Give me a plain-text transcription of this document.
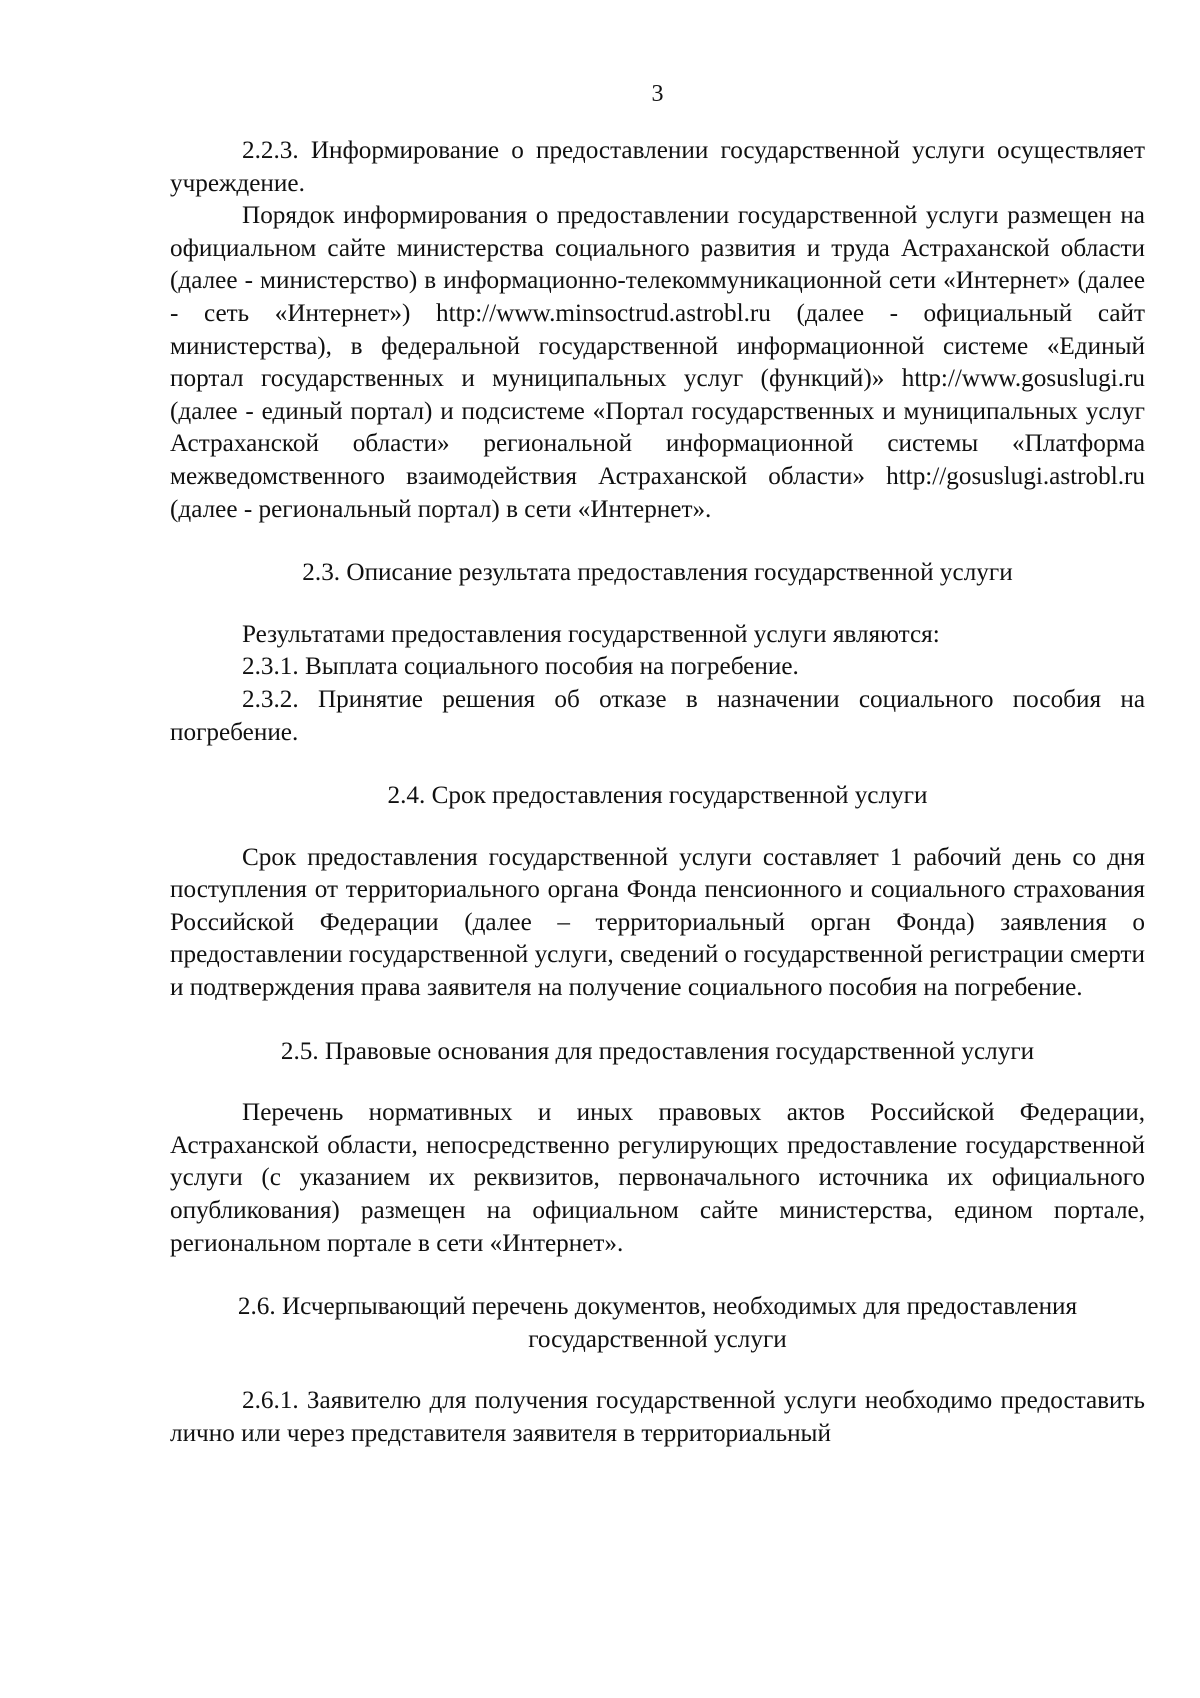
3

2.2.3. Информирование о предоставлении государственной услуги осуществляет учреждение.

Порядок информирования о предоставлении государственной услуги размещен на официальном сайте министерства социального развития и труда Астраханской области (далее - министерство) в информационно-телекоммуникационной сети «Интернет» (далее - сеть «Интернет») http://www.minsoctrud.astrobl.ru (далее - официальный сайт министерства), в федеральной государственной информационной системе «Единый портал государственных и муниципальных услуг (функций)» http://www.gosuslugi.ru (далее - единый портал) и подсистеме «Портал государственных и муниципальных услуг Астраханской области» региональной информационной системы «Платформа межведомственного взаимодействия Астраханской области» http://gosuslugi.astrobl.ru (далее - региональный портал) в сети «Интернет».

2.3. Описание результата предоставления государственной услуги

Результатами предоставления государственной услуги являются:

2.3.1. Выплата социального пособия на погребение.

2.3.2. Принятие решения об отказе в назначении социального пособия на погребение.

2.4. Срок предоставления государственной услуги

Срок предоставления государственной услуги составляет 1 рабочий день со дня поступления от территориального органа Фонда пенсионного и социального страхования Российской Федерации (далее – территориальный орган Фонда) заявления о предоставлении государственной услуги, сведений о государственной регистрации смерти и подтверждения права заявителя на получение социального пособия на погребение.

2.5. Правовые основания для предоставления государственной услуги

Перечень нормативных и иных правовых актов Российской Федерации, Астраханской области, непосредственно регулирующих предоставление государственной услуги (с указанием их реквизитов, первоначального источника их официального опубликования) размещен на официальном сайте министерства, едином портале, региональном портале в сети «Интернет».

2.6. Исчерпывающий перечень документов, необходимых для предоставления государственной услуги

2.6.1. Заявителю для получения государственной услуги необходимо предоставить лично или через представителя заявителя в территориальный
